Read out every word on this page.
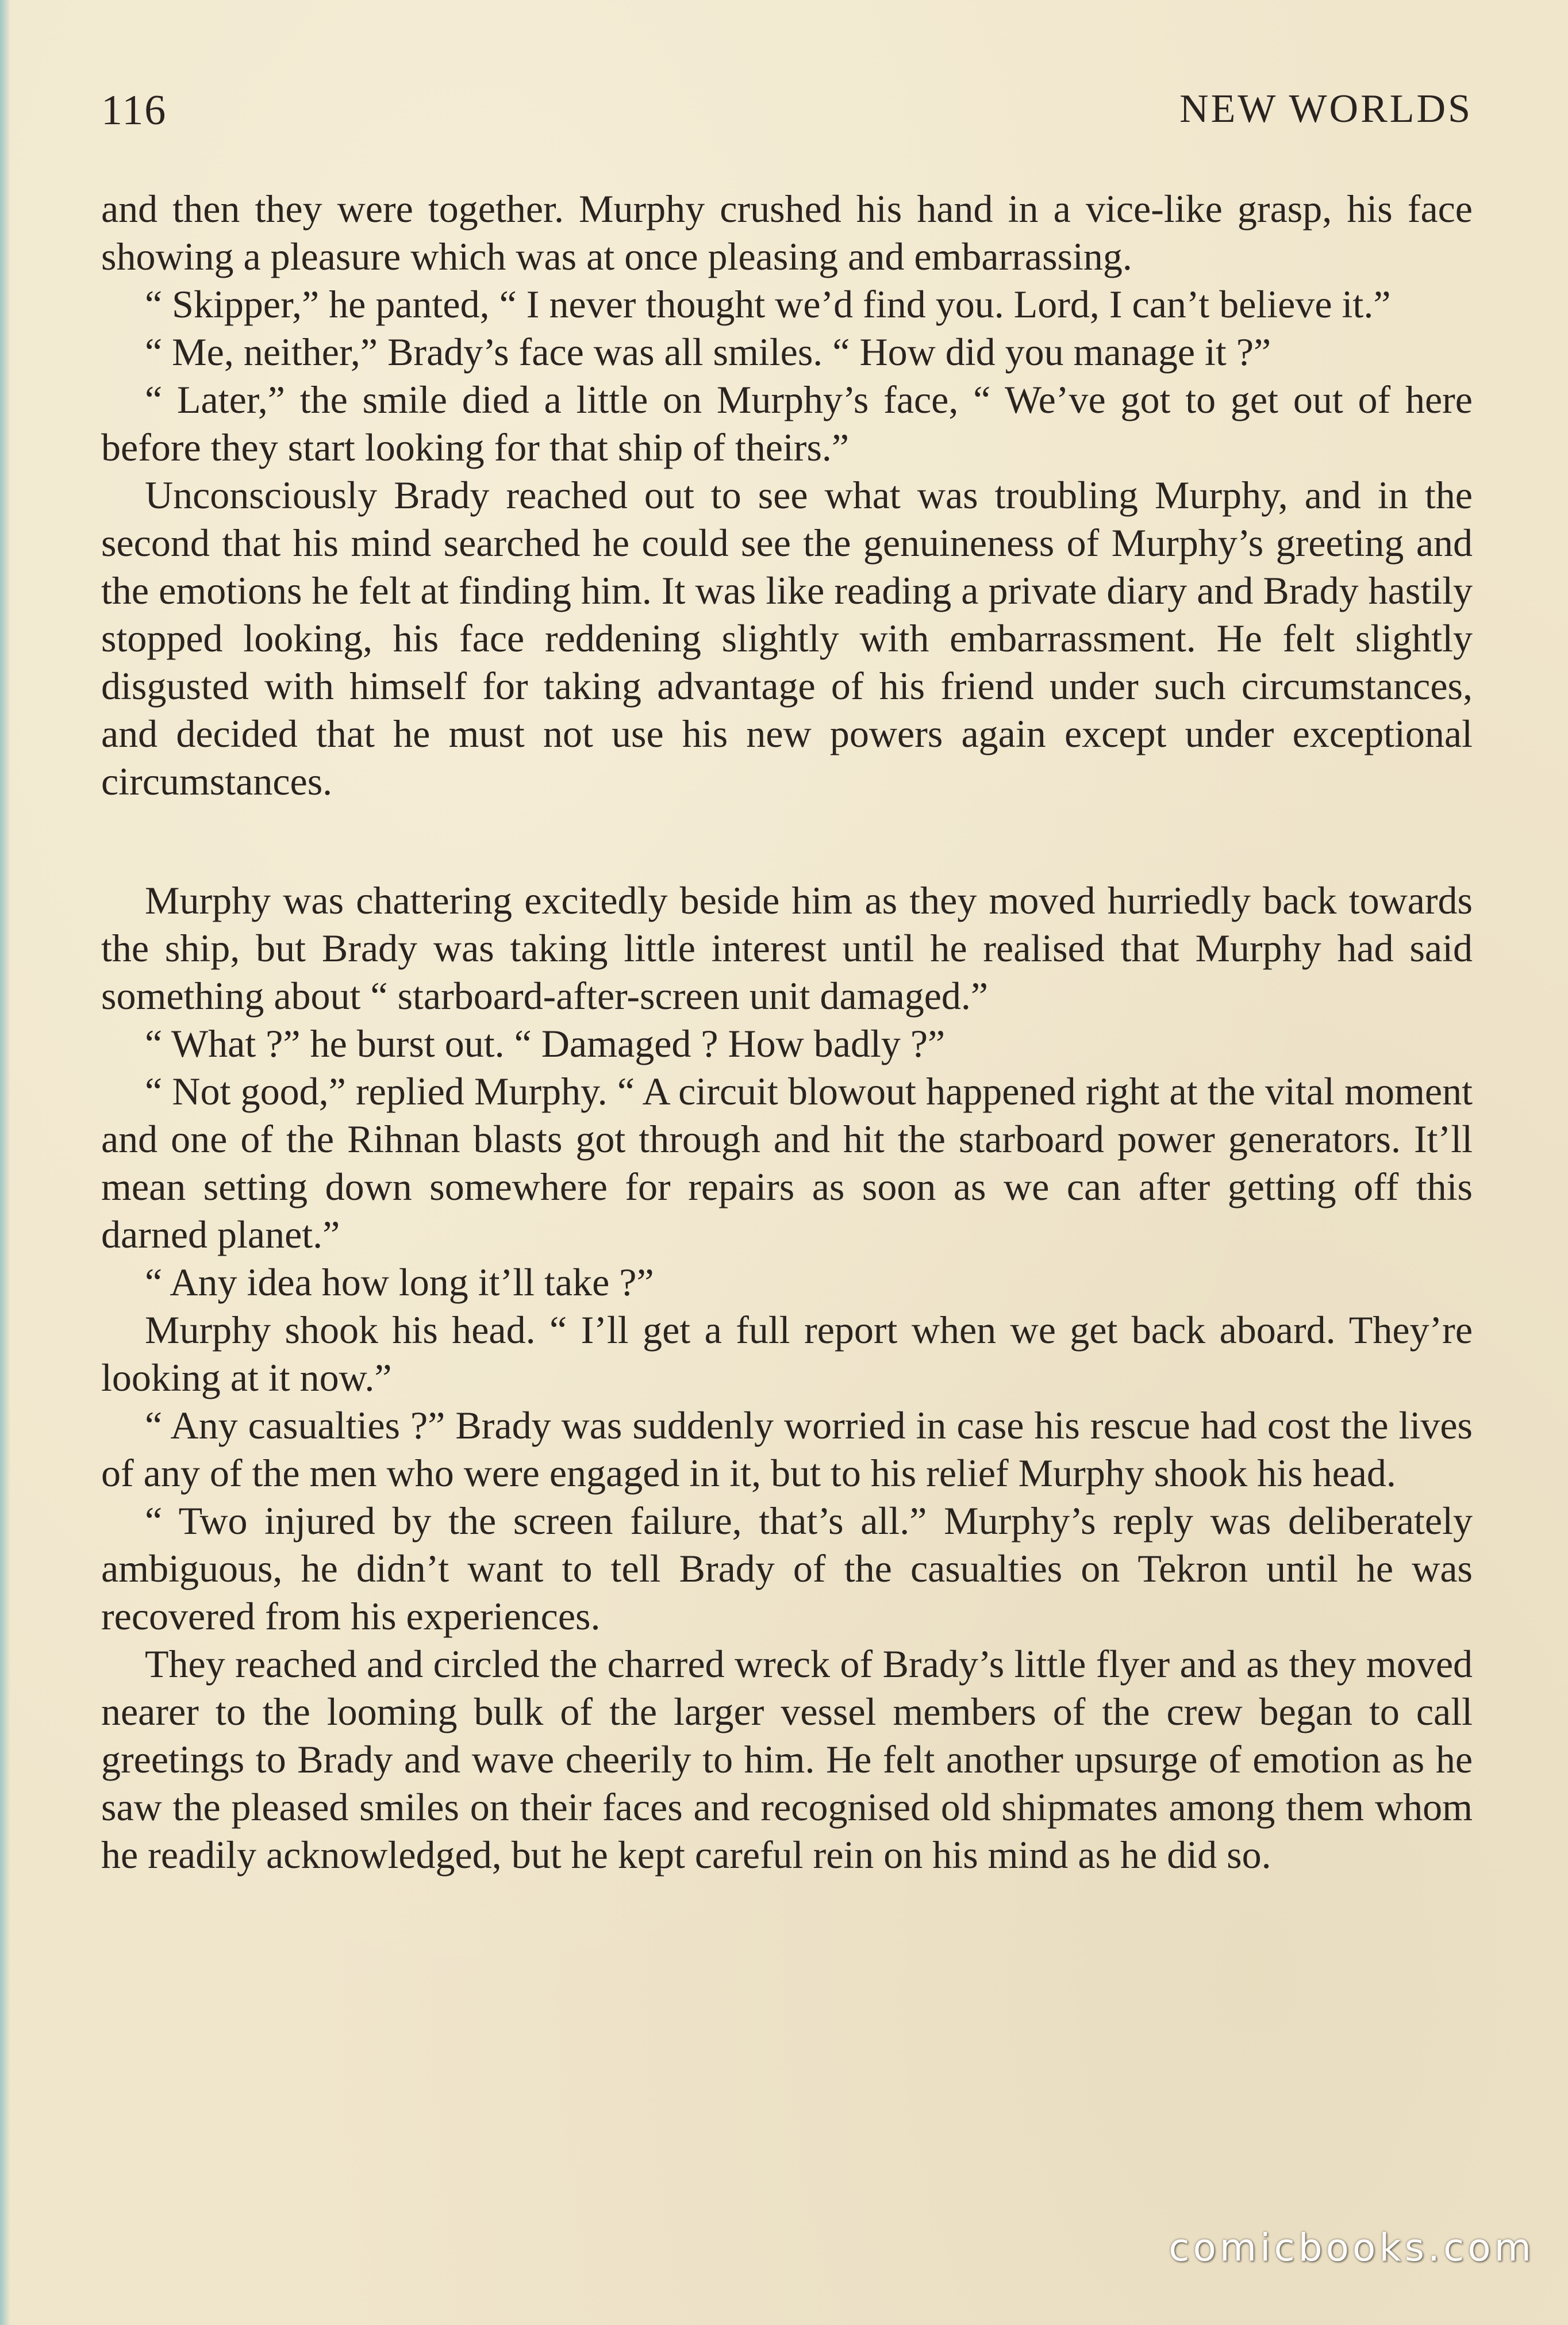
116	NEW WORLDS

and then they were together. Murphy crushed his hand in a vice-like grasp, his face showing a pleasure which was at once pleasing and embarrassing.

“ Skipper,” he panted, “ I never thought we’d find you. Lord, I can’t believe it.”

“ Me, neither,” Brady’s face was all smiles. “ How did you manage it ?”

“ Later,” the smile died a little on Murphy’s face, “ We’ve got to get out of here before they start looking for that ship of theirs.”

Unconsciously Brady reached out to see what was troubling Murphy, and in the second that his mind searched he could see the genuineness of Murphy’s greeting and the emotions he felt at finding him. It was like reading a private diary and Brady hastily stopped looking, his face reddening slightly with embarrassment. He felt slightly disgusted with himself for taking advantage of his friend under such circumstances, and decided that he must not use his new powers again except under exceptional circumstances.

Murphy was chattering excitedly beside him as they moved hurriedly back towards the ship, but Brady was taking little interest until he realised that Murphy had said something about “ starboard-after-screen unit damaged.”

“ What ?” he burst out. “ Damaged ? How badly ?”

“ Not good,” replied Murphy. “ A circuit blowout happened right at the vital moment and one of the Rihnan blasts got through and hit the starboard power generators. It’ll mean setting down somewhere for repairs as soon as we can after getting off this darned planet.”

“ Any idea how long it’ll take ?”

Murphy shook his head. “ I’ll get a full report when we get back aboard. They’re looking at it now.”

“ Any casualties ?” Brady was suddenly worried in case his rescue had cost the lives of any of the men who were engaged in it, but to his relief Murphy shook his head.

“ Two injured by the screen failure, that’s all.” Murphy’s reply was deliberately ambiguous, he didn’t want to tell Brady of the casualties on Tekron until he was recovered from his experiences.

They reached and circled the charred wreck of Brady’s little flyer and as they moved nearer to the looming bulk of the larger vessel members of the crew began to call greetings to Brady and wave cheerily to him. He felt another upsurge of emotion as he saw the pleased smiles on their faces and recognised old shipmates among them whom he readily acknowledged, but he kept careful rein on his mind as he did so.

comicbooks.com
